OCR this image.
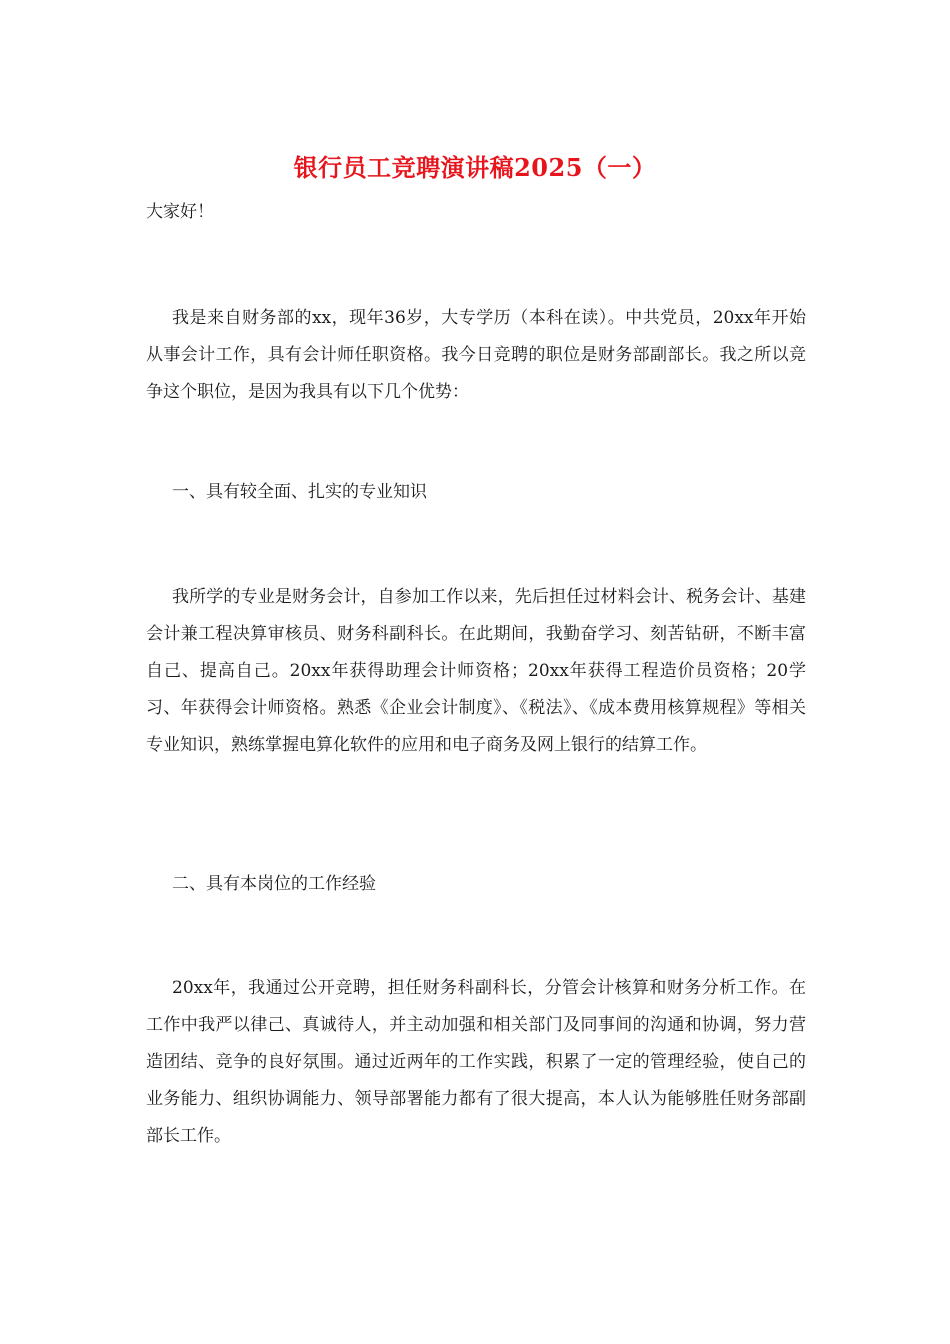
银行员工竞聘演讲稿2025（一）
大家好！

我是来自财务部的xx，现年36岁，大专学历（本科在读）。中共党员，20xx年开始从事会计工作，具有会计师任职资格。我今日竞聘的职位是财务部副部长。我之所以竞争这个职位，是因为我具有以下几个优势：

一、具有较全面、扎实的专业知识

我所学的专业是财务会计，自参加工作以来，先后担任过材料会计、税务会计、基建会计兼工程决算审核员、财务科副科长。在此期间，我勤奋学习、刻苦钻研，不断丰富自己、提高自己。20xx年获得助理会计师资格；20xx年获得工程造价员资格；20学习、年获得会计师资格。熟悉《企业会计制度》、《税法》、《成本费用核算规程》等相关专业知识，熟练掌握电算化软件的应用和电子商务及网上银行的结算工作。

二、具有本岗位的工作经验

20xx年，我通过公开竞聘，担任财务科副科长，分管会计核算和财务分析工作。在工作中我严以律己、真诚待人，并主动加强和相关部门及同事间的沟通和协调，努力营造团结、竞争的良好氛围。通过近两年的工作实践，积累了一定的管理经验，使自己的业务能力、组织协调能力、领导部署能力都有了很大提高，本人认为能够胜任财务部副部长工作。
